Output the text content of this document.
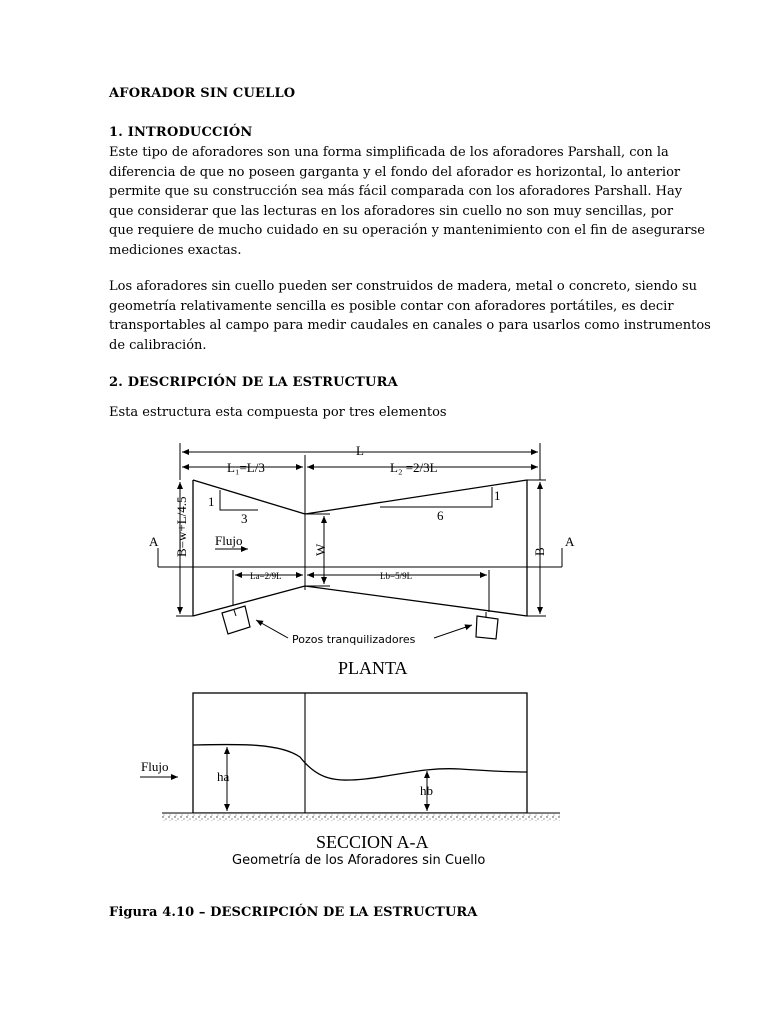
AFORADOR SIN CUELLO
1. INTRODUCCIÓN
Este tipo de aforadores son una forma simplificada de los aforadores Parshall, con la
diferencia de que no poseen garganta y el fondo del aforador es horizontal, lo anterior
permite que su construcción sea más fácil comparada con los aforadores Parshall. Hay
que considerar que las lecturas en los aforadores sin cuello no son muy sencillas, por
que requiere de mucho cuidado en su operación y mantenimiento con el fin de asegurarse
mediciones exactas.
Los aforadores sin cuello pueden ser construidos de madera, metal o concreto, siendo su
geometría relativamente sencilla es posible contar con aforadores portátiles, es decir
transportables al campo para medir caudales en canales o para usarlos como instrumentos
de calibración.
2. DESCRIPCIÓN DE LA ESTRUCTURA
Esta estructura esta compuesta por tres elementos
L
L₁=L/3	L₂ =2/3L
1
3
1
6
A	A
Flujo
B=w+L/4.5	B
W
La=2/9L	Lb=5/9L
Pozos tranquilizadores
PLANTA
Flujo
ha
hb
SECCION A-A
Geometría de los Aforadores sin Cuello
Figura 4.10 – DESCRIPCIÓN DE LA ESTRUCTURA
